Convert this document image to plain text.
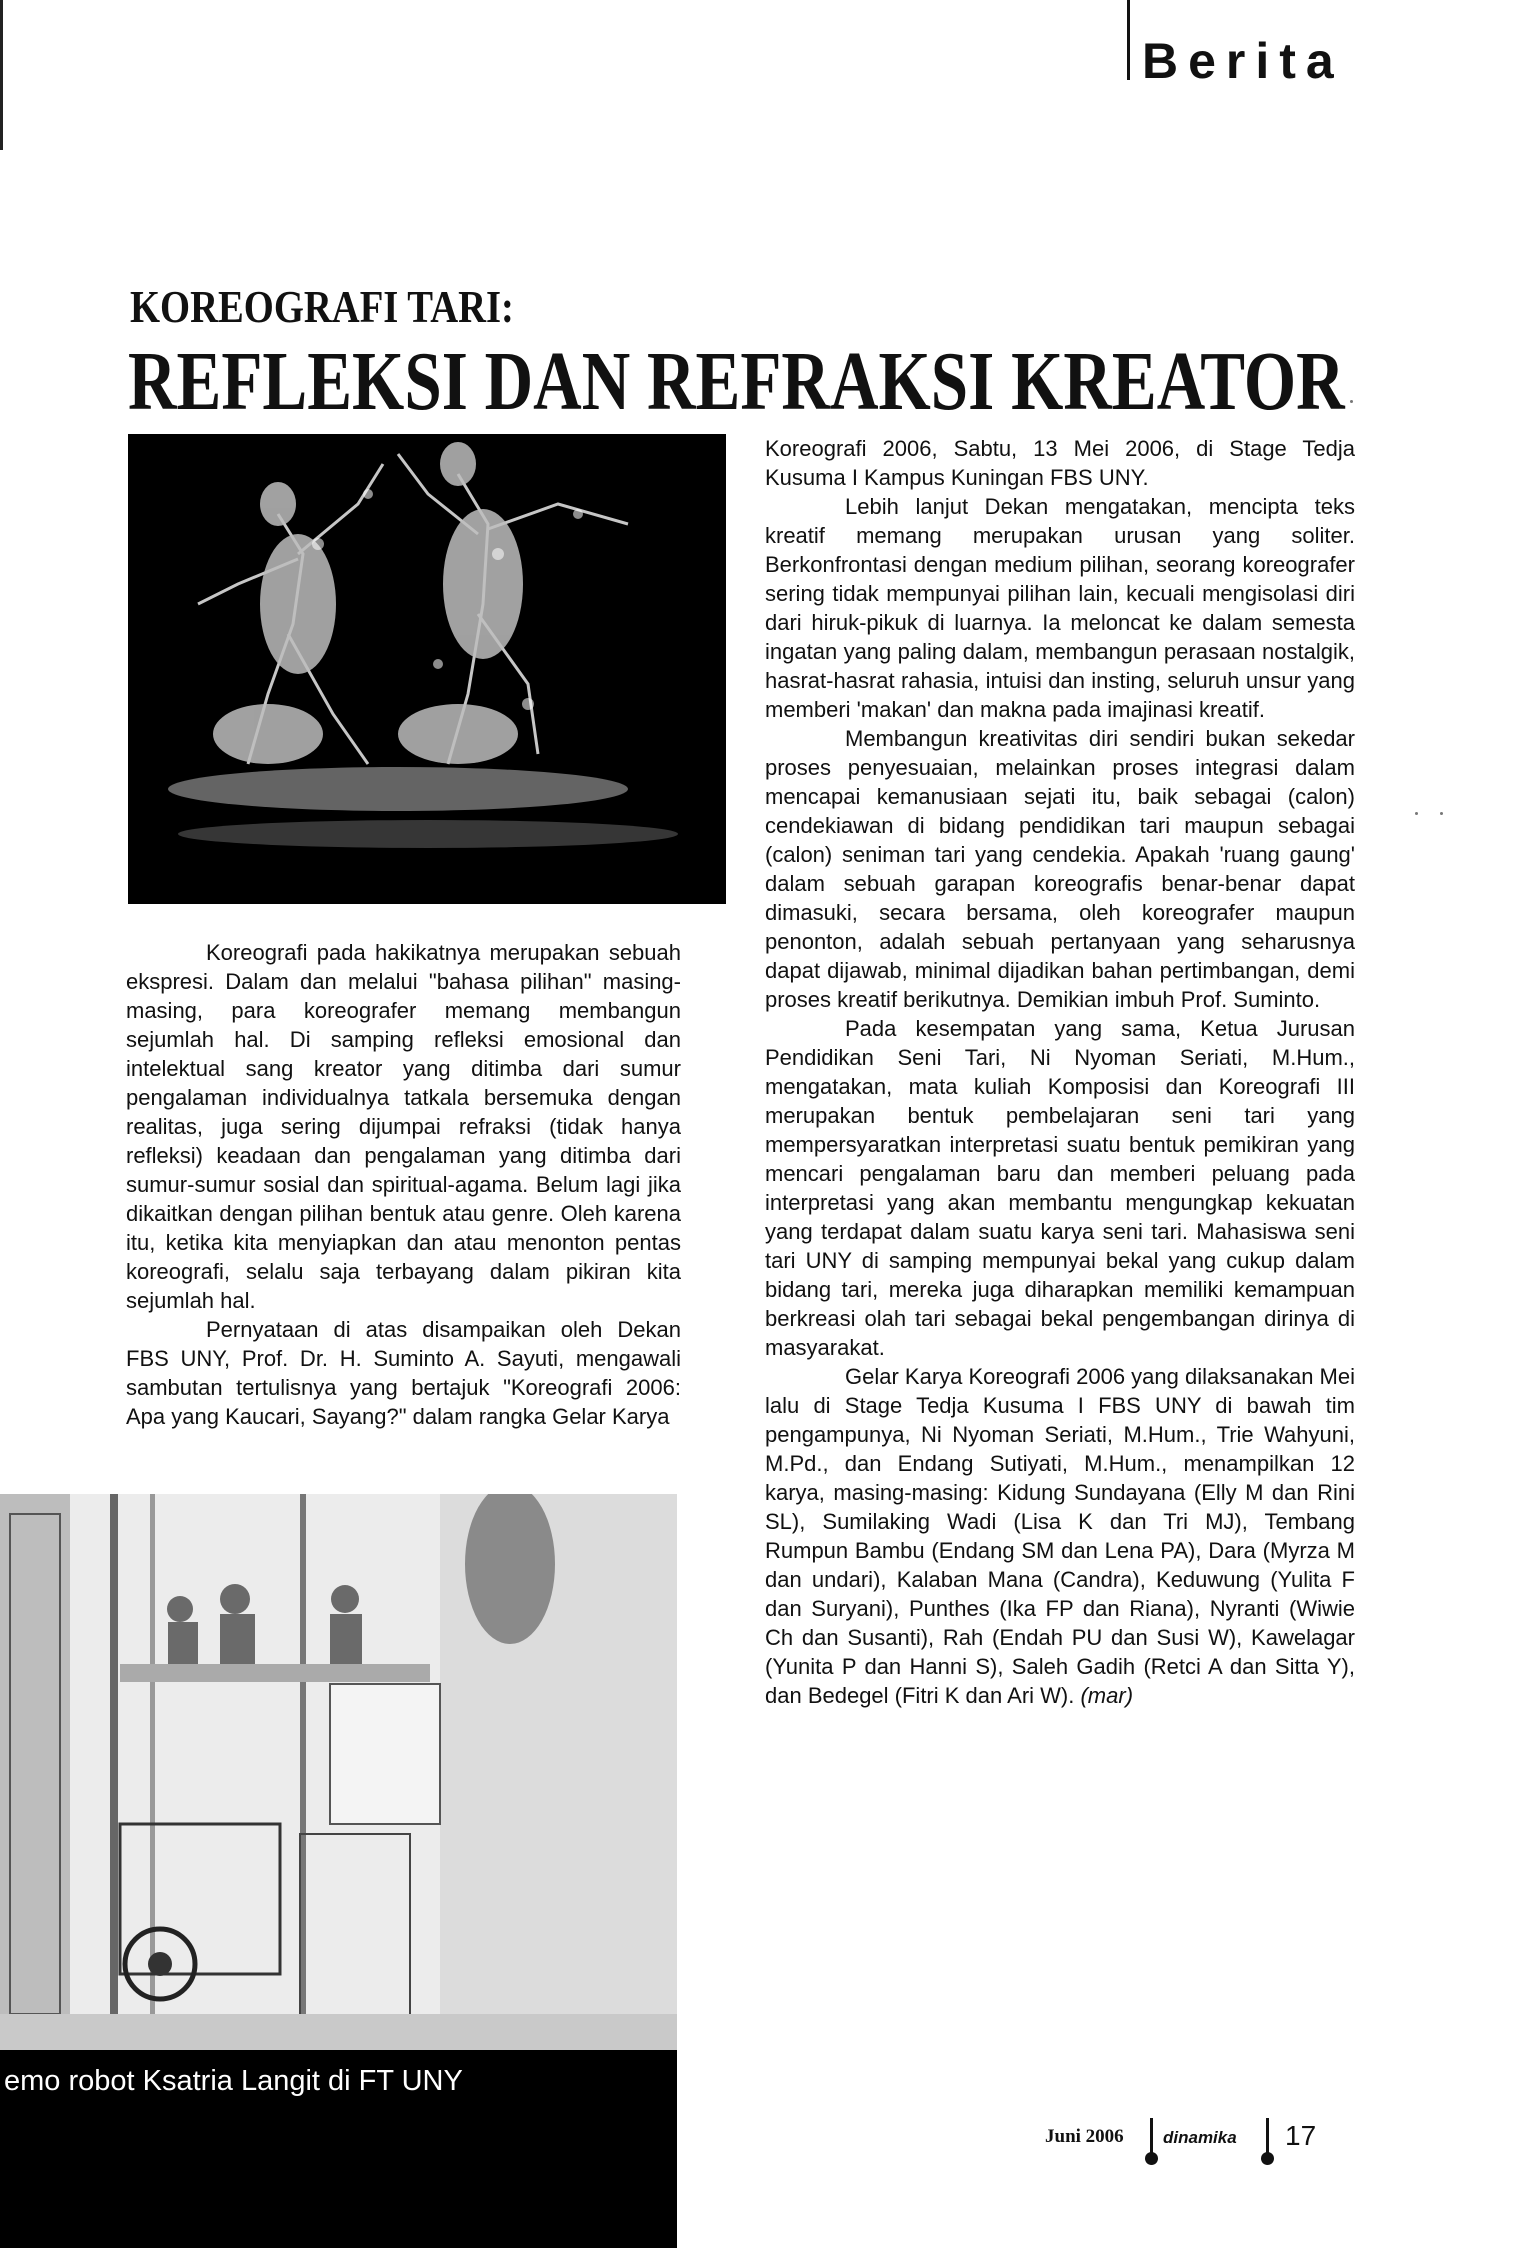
Berita
KOREOGRAFI TARI:
REFLEKSI DAN REFRAKSI KREATOR
emo robot Ksatria Langit di FT UNY

Koreografi pada hakikatnya merupakan sebuah ekspresi. Dalam dan melalui "bahasa pilihan" masing-masing, para koreografer memang membangun sejumlah hal. Di samping refleksi emosional dan intelektual sang kreator yang ditimba dari sumur pengalaman individualnya tatkala bersemuka dengan realitas, juga sering dijumpai refraksi (tidak hanya refleksi) keadaan dan pengalaman yang ditimba dari sumur-sumur sosial dan spiritual-agama. Belum lagi jika dikaitkan dengan pilihan bentuk atau genre. Oleh karena itu, ketika kita menyiapkan dan atau menonton pentas koreografi, selalu saja terbayang dalam pikiran kita sejumlah hal.

Pernyataan di atas disampaikan oleh Dekan FBS UNY, Prof. Dr. H. Suminto A. Sayuti, mengawali sambutan tertulisnya yang bertajuk "Koreografi 2006: Apa yang Kaucari, Sayang?" dalam rangka Gelar Karya

Koreografi 2006, Sabtu, 13 Mei 2006, di Stage Tedja Kusuma I Kampus Kuningan FBS UNY.

Lebih lanjut Dekan mengatakan, mencipta teks kreatif memang merupakan urusan yang soliter. Berkonfrontasi dengan medium pilihan, seorang koreografer sering tidak mempunyai pilihan lain, kecuali mengisolasi diri dari hiruk-pikuk di luarnya. Ia meloncat ke dalam semesta ingatan yang paling dalam, membangun perasaan nostalgik, hasrat-hasrat rahasia, intuisi dan insting, seluruh unsur yang memberi 'makan' dan makna pada imajinasi kreatif.

Membangun kreativitas diri sendiri bukan sekedar proses penyesuaian, melainkan proses integrasi dalam mencapai kemanusiaan sejati itu, baik sebagai (calon) cendekiawan di bidang pendidikan tari maupun sebagai (calon) seniman tari yang cendekia. Apakah 'ruang gaung' dalam sebuah garapan koreografis benar-benar dapat dimasuki, secara bersama, oleh koreografer maupun penonton, adalah sebuah pertanyaan yang seharusnya dapat dijawab, minimal dijadikan bahan pertimbangan, demi proses kreatif berikutnya. Demikian imbuh Prof. Suminto.

Pada kesempatan yang sama, Ketua Jurusan Pendidikan Seni Tari, Ni Nyoman Seriati, M.Hum., mengatakan, mata kuliah Komposisi dan Koreografi III merupakan bentuk pembelajaran seni tari yang mempersyaratkan interpretasi suatu bentuk pemikiran yang mencari pengalaman baru dan memberi peluang pada interpretasi yang akan membantu mengungkap kekuatan yang terdapat dalam suatu karya seni tari. Mahasiswa seni tari UNY di samping mempunyai bekal yang cukup dalam bidang tari, mereka juga diharapkan memiliki kemampuan berkreasi olah tari sebagai bekal pengembangan dirinya di masyarakat.

Gelar Karya Koreografi 2006 yang dilaksanakan Mei lalu di Stage Tedja Kusuma I FBS UNY di bawah tim pengampunya, Ni Nyoman Seriati, M.Hum., Trie Wahyuni, M.Pd., dan Endang Sutiyati, M.Hum., menampilkan 12 karya, masing-masing: Kidung Sundayana (Elly M dan Rini SL), Sumilaking Wadi (Lisa K dan Tri MJ), Tembang Rumpun Bambu (Endang SM dan Lena PA), Dara (Myrza M dan undari), Kalaban Mana (Candra), Keduwung (Yulita F dan Suryani), Punthes (Ika FP dan Riana), Nyranti (Wiwie Ch dan Susanti), Rah (Endah PU dan Susi W), Kawelagar (Yunita P dan Hanni S), Saleh Gadih (Retci A dan Sitta Y), dan Bedegel (Fitri K dan Ari W). (mar)

Juni 2006 dinamika 17
